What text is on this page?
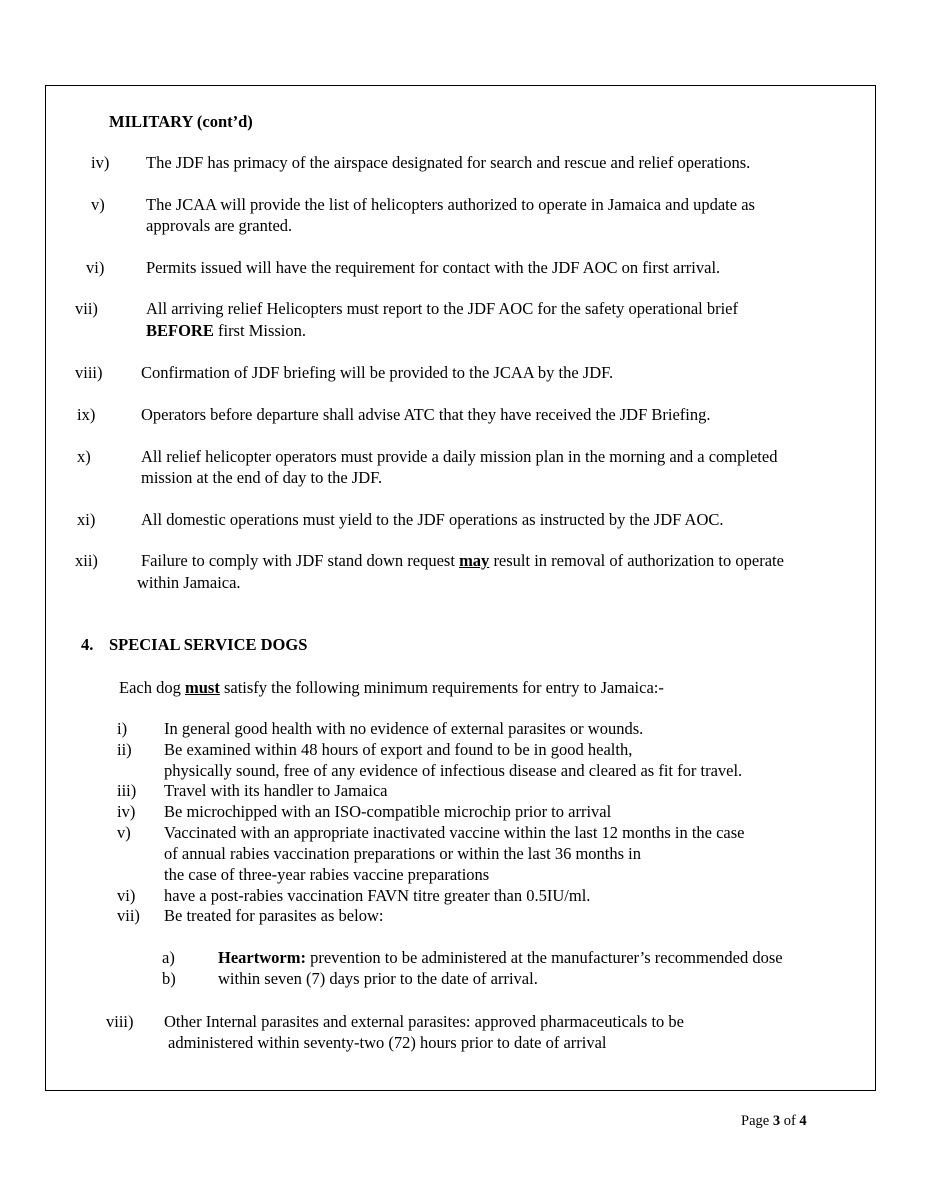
MILITARY (cont’d)
iv) The JDF has primacy of the airspace designated for search and rescue and relief operations.
v)	The JCAA will provide the list of helicopters authorized to operate in Jamaica and update as
approvals are granted.
vi)	Permits issued will have the requirement for contact with the JDF AOC on first arrival.
vii)	All arriving relief Helicopters must report to the JDF AOC for the safety operational brief
BEFORE first Mission.
viii) Confirmation of JDF briefing will be provided to the JCAA by the JDF.
ix)	Operators before departure shall advise ATC that they have received the JDF Briefing.
x)	All relief helicopter operators must provide a daily mission plan in the morning and a completed
mission at the end of day to the JDF.
xi)	All domestic operations must yield to the JDF operations as instructed by the JDF AOC.
xii)	Failure to comply with JDF stand down request may result in removal of authorization to operate
within Jamaica.
4. SPECIAL SERVICE DOGS
Each dog must satisfy the following minimum requirements for entry to Jamaica:-
i) In general good health with no evidence of external parasites or wounds.
ii) Be examined within 48 hours of export and found to be in good health,
physically sound, free of any evidence of infectious disease and cleared as fit for travel.
iii) Travel with its handler to Jamaica
iv) Be microchipped with an ISO-compatible microchip prior to arrival
v) Vaccinated with an appropriate inactivated vaccine within the last 12 months in the case
of annual rabies vaccination preparations or within the last 36 months in
the case of three-year rabies vaccine preparations
vi) have a post-rabies vaccination FAVN titre greater than 0.5IU/ml.
vii) Be treated for parasites as below:
a)	Heartworm: prevention to be administered at the manufacturer’s recommended dose
b)	within seven (7) days prior to the date of arrival.
viii) Other Internal parasites and external parasites: approved pharmaceuticals to be
administered within seventy-two (72) hours prior to date of arrival
Page 3 of 4
